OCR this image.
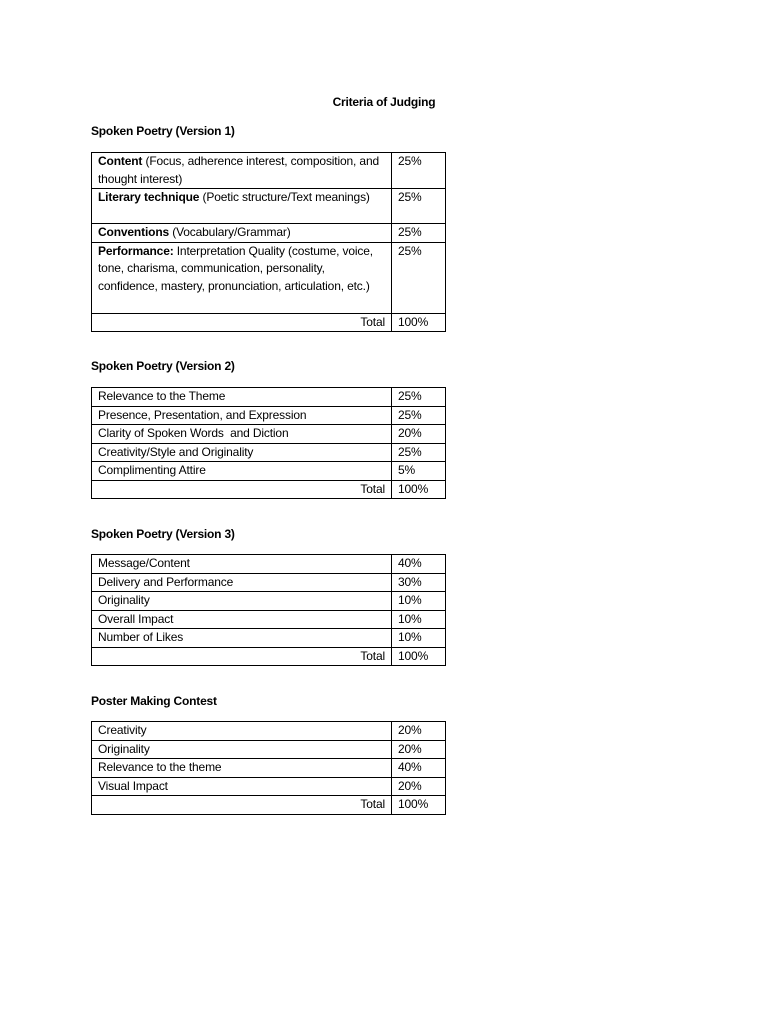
Criteria of Judging
Spoken Poetry (Version 1)
Content (Focus, adherence interest, composition, and thought interest)	25%
Literary technique (Poetic structure/Text meanings)	25%
Conventions (Vocabulary/Grammar)	25%
Performance: Interpretation Quality (costume, voice, tone, charisma, communication, personality, confidence, mastery, pronunciation, articulation, etc.)	25%
Total	100%
Spoken Poetry (Version 2)
Relevance to the Theme	25%
Presence, Presentation, and Expression	25%
Clarity of Spoken Words  and Diction	20%
Creativity/Style and Originality	25%
Complimenting Attire	5%
Total	100%
Spoken Poetry (Version 3)
Message/Content	40%
Delivery and Performance	30%
Originality	10%
Overall Impact	10%
Number of Likes	10%
Total	100%
Poster Making Contest
Creativity	20%
Originality	20%
Relevance to the theme	40%
Visual Impact	20%
Total	100%
